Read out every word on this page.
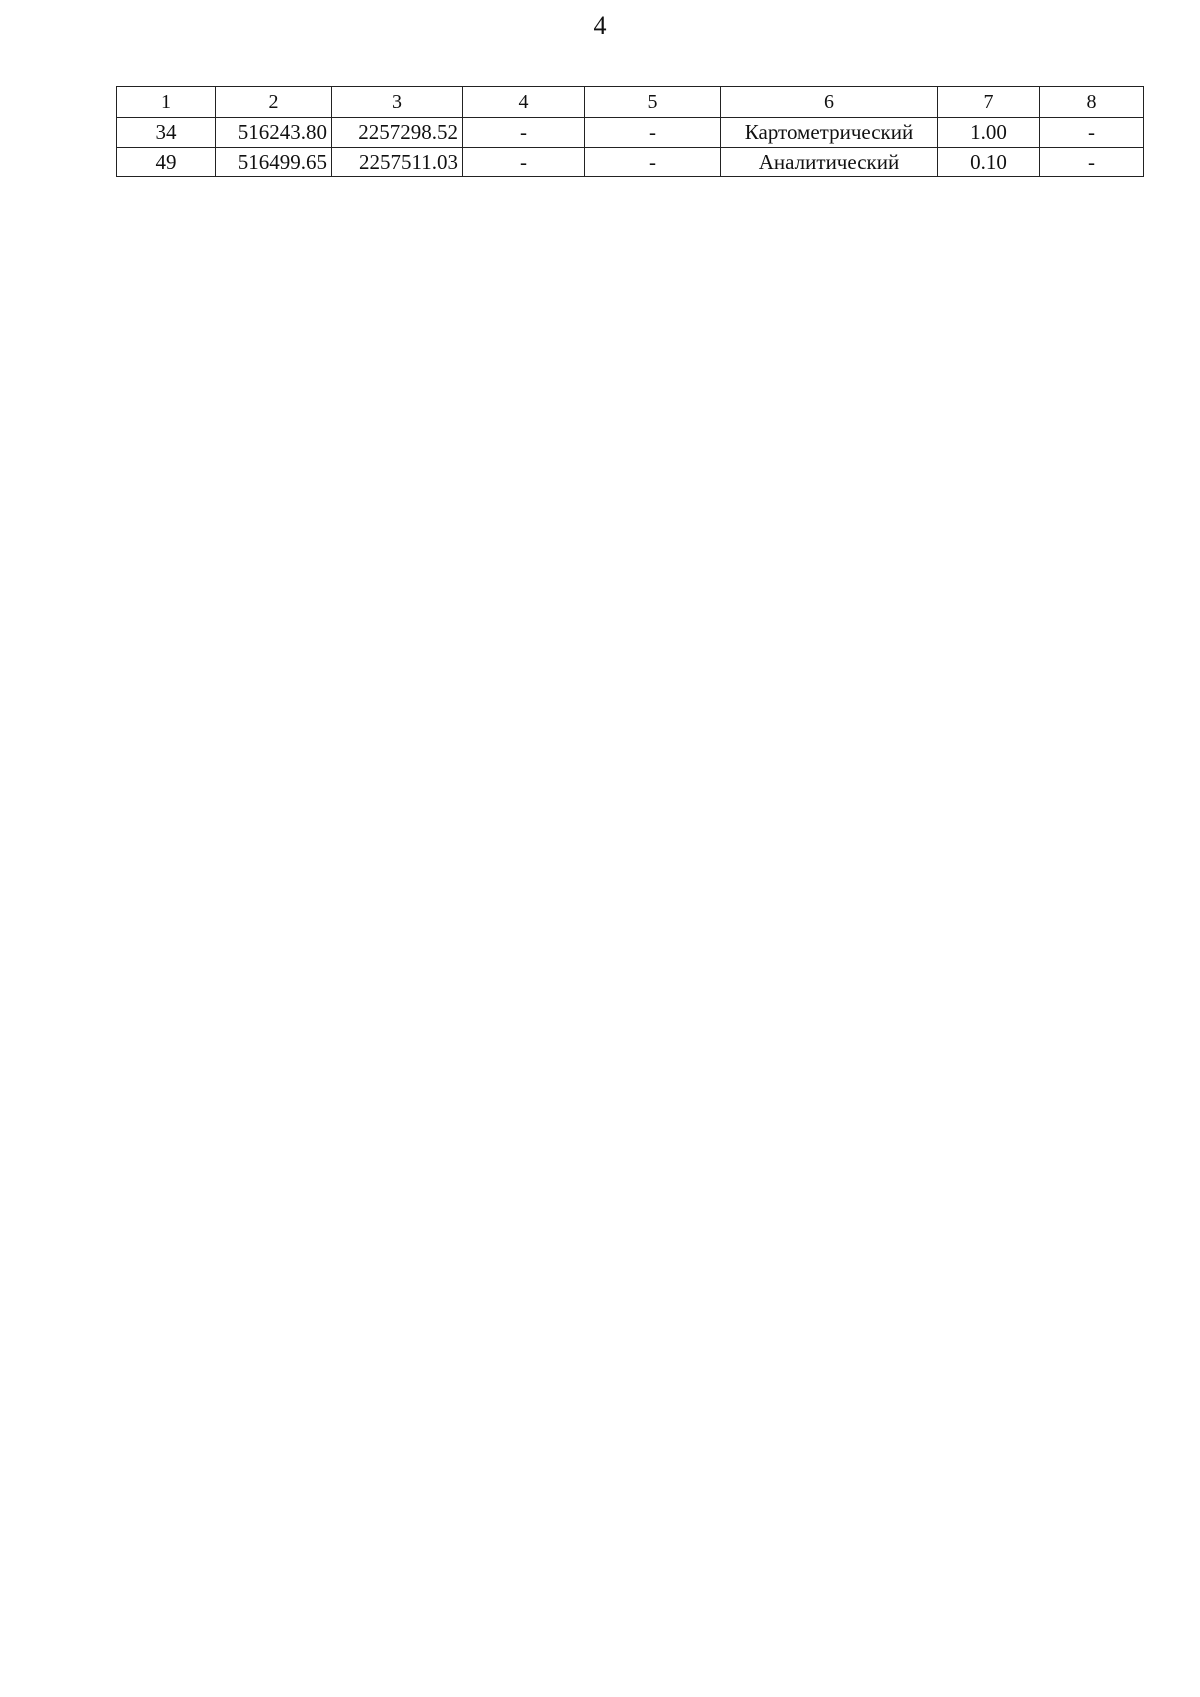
4
1	2	3	4	5	6	7	8
34	516243.80	2257298.52	-	-	Картометрический	1.00	-
49	516499.65	2257511.03	-	-	Аналитический	0.10	-
